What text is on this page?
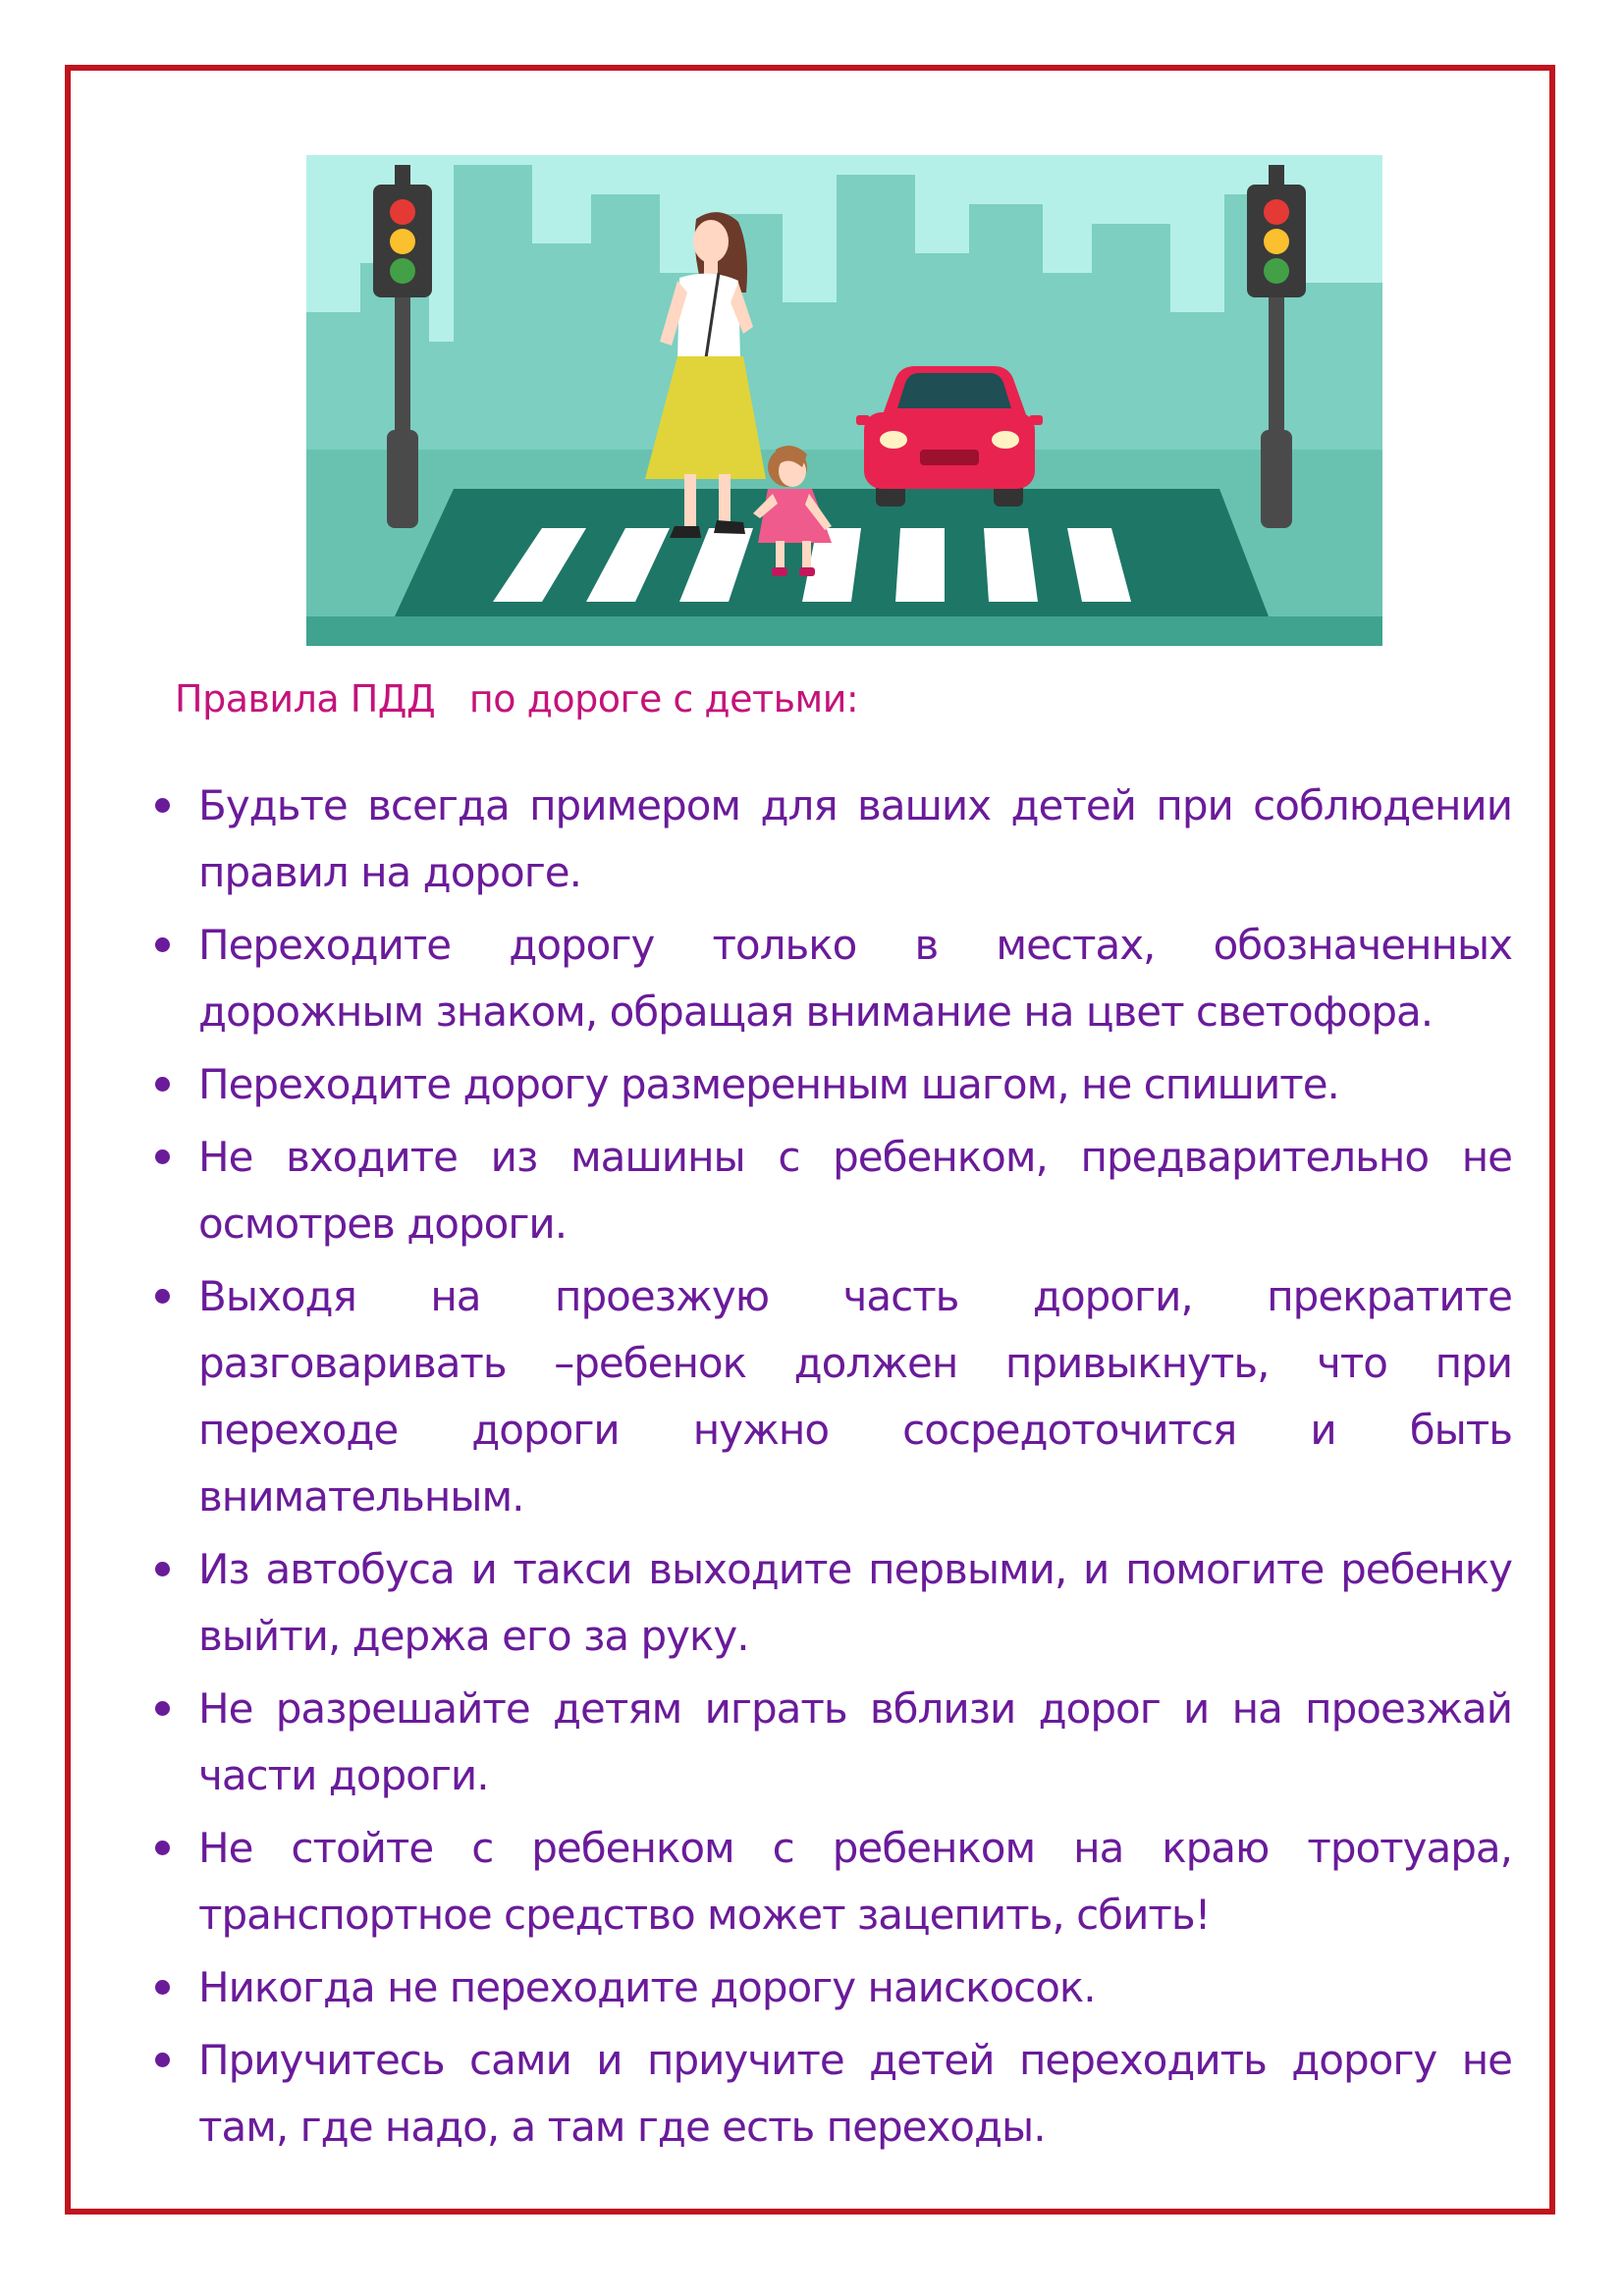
Правила ПДД   по дороге с детьми:
Будьте всегда примером для ваших детей при соблюдении правил на дороге.
Переходите дорогу только в местах, обозначенных дорожным знаком, обращая внимание на цвет светофора.
Переходите дорогу размеренным шагом, не спишите.
Не входите из машины с ребенком, предварительно не осмотрев дороги.
Выходя на проезжую часть дороги, прекратите разговаривать –ребенок должен привыкнуть, что при переходе дороги нужно сосредоточится и быть внимательным.
Из автобуса и такси выходите первыми, и помогите ребенку выйти, держа его за руку.
Не разрешайте детям играть вблизи дорог и на проезжай части дороги.
Не стойте с ребенком с ребенком на краю тротуара, транспортное средство может зацепить, сбить!
Никогда не переходите дорогу наискосок.
Приучитесь сами и приучите детей переходить дорогу не там, где надо, а там где есть переходы.
